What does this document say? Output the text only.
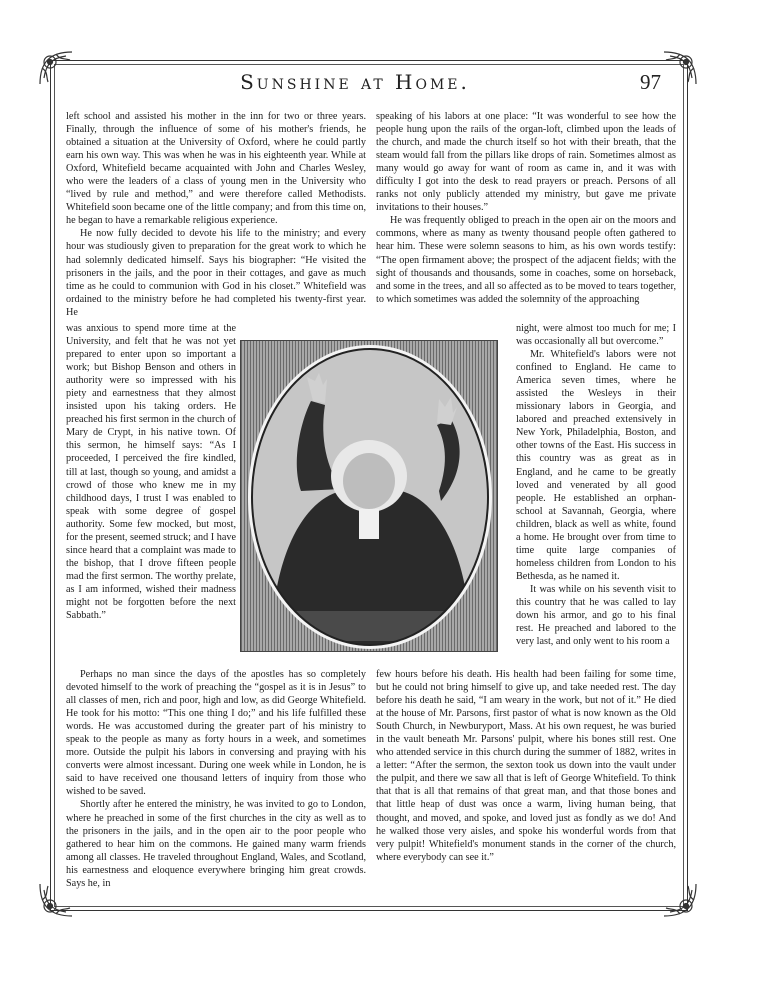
Sunshine at Home.	97

left school and assisted his mother in the inn for two or three years. Finally, through the influence of some of his mother's friends, he obtained a situation at the University of Oxford, where he could partly earn his own way. This was when he was in his eighteenth year. While at Oxford, Whitefield became acquainted with John and Charles Wesley, who were the leaders of a class of young men in the University who “lived by rule and method,” and were therefore called Methodists. Whitefield soon became one of the little company; and from this time on, he began to have a remarkable religious experience.

He now fully decided to devote his life to the ministry; and every hour was studiously given to preparation for the great work to which he had solemnly dedicated himself. Says his biographer: “He visited the prisoners in the jails, and the poor in their cottages, and gave as much time as he could to communion with God in his closet.” Whitefield was ordained to the ministry before he had completed his twenty-first year. He

speaking of his labors at one place: “It was wonderful to see how the people hung upon the rails of the organ-loft, climbed upon the leads of the church, and made the church itself so hot with their breath, that the steam would fall from the pillars like drops of rain. Sometimes almost as many would go away for want of room as came in, and it was with difficulty I got into the desk to read prayers or preach. Persons of all ranks not only publicly attended my ministry, but gave me private invitations to their houses.”

He was frequently obliged to preach in the open air on the moors and commons, where as many as twenty thousand people often gathered to hear him. These were solemn seasons to him, as his own words testify: “The open firmament above; the prospect of the adjacent fields; with the sight of thousands and thousands, some in coaches, some on horseback, and some in the trees, and all so affected as to be moved to tears together, to which sometimes was added the solemnity of the approaching

was anxious to spend more time at the University, and felt that he was not yet prepared to enter upon so important a work; but Bishop Benson and others in authority were so impressed with his piety and earnestness that they almost insisted upon his taking orders. He preached his first sermon in the church of Mary de Crypt, in his native town. Of this sermon, he himself says: “As I proceeded, I perceived the fire kindled, till at last, though so young, and amidst a crowd of those who knew me in my childhood days, I trust I was enabled to speak with some degree of gospel authority. Some few mocked, but most, for the present, seemed struck; and I have since heard that a complaint was made to the bishop, that I drove fifteen people mad the first sermon. The worthy prelate, as I am informed, wished their madness might not be forgotten before the next Sabbath.”

night, were almost too much for me; I was occasionally all but overcome.”

Mr. Whitefield's labors were not confined to England. He came to America seven times, where he assisted the Wesleys in their missionary labors in Georgia, and labored and preached extensively in New York, Philadelphia, Boston, and other towns of the East. His success in this country was as great as in England, and he came to be greatly loved and venerated by all good people. He established an orphan-school at Savannah, Georgia, where children, black as well as white, found a home. He brought over from time to time quite large companies of homeless children from London to his Bethesda, as he named it.

It was while on his seventh visit to this country that he was called to lay down his armor, and go to his final rest. He preached and labored to the very last, and only went to his room a

Perhaps no man since the days of the apostles has so completely devoted himself to the work of preaching the “gospel as it is in Jesus” to all classes of men, rich and poor, high and low, as did George Whitefield. He took for his motto: “This one thing I do;” and his life fulfilled these words. He was accustomed during the greater part of his ministry to speak to the people as many as forty hours in a week, and sometimes more. Outside the pulpit his labors in conversing and praying with his converts were almost incessant. During one week while in London, he is said to have received one thousand letters of inquiry from those who wished to be saved.

Shortly after he entered the ministry, he was invited to go to London, where he preached in some of the first churches in the city as well as to the prisoners in the jails, and in the open air to the poor people who gathered to hear him on the commons. He gained many warm friends among all classes. He traveled throughout England, Wales, and Scotland, his earnestness and eloquence everywhere bringing him great crowds. Says he, in

few hours before his death. His health had been failing for some time, but he could not bring himself to give up, and take needed rest. The day before his death he said, “I am weary in the work, but not of it.” He died at the house of Mr. Parsons, first pastor of what is now known as the Old South Church, in Newburyport, Mass. At his own request, he was buried in the vault beneath Mr. Parsons' pulpit, where his bones still rest. One who attended service in this church during the summer of 1882, writes in a letter: “After the sermon, the sexton took us down into the vault under the pulpit, and there we saw all that is left of George Whitefield. To think that that is all that remains of that great man, and that those bones and that little heap of dust was once a warm, living human being, that thought, and moved, and spoke, and loved just as fondly as we do! And he walked those very aisles, and spoke his wonderful words from that very pulpit! Whitefield's monument stands in the corner of the church, where everybody can see it.”
